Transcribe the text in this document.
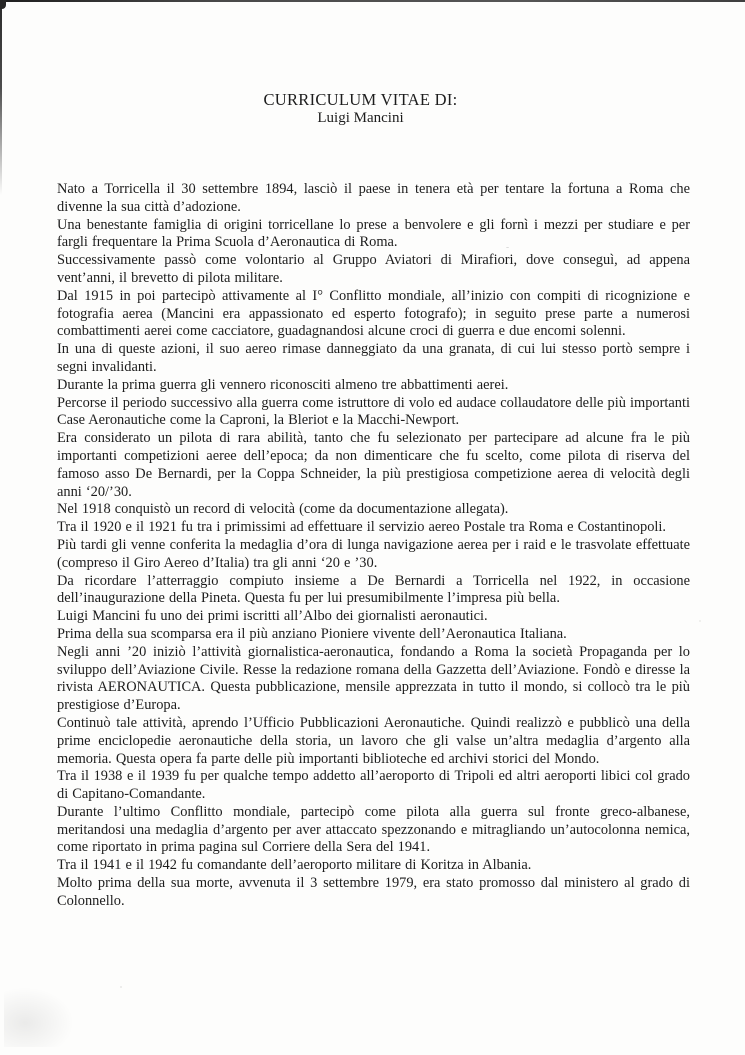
CURRICULUM VITAE DI:
Luigi Mancini

Nato a Torricella il 30 settembre 1894, lasciò il paese in tenera età per tentare la fortuna a Roma che divenne la sua città d’adozione.

Una benestante famiglia di origini torricellane lo prese a benvolere e gli fornì i mezzi per studiare e per fargli frequentare la Prima Scuola d’Aeronautica di Roma.

Successivamente passò come volontario al Gruppo Aviatori di Mirafiori, dove conseguì, ad appena vent’anni, il brevetto di pilota militare.

Dal 1915 in poi partecipò attivamente al I° Conflitto mondiale, all’inizio con compiti di ricognizione e fotografia aerea (Mancini era appassionato ed esperto fotografo); in seguito prese parte a numerosi combattimenti aerei come cacciatore, guadagnandosi alcune croci di guerra e due encomi solenni.

In una di queste azioni, il suo aereo rimase danneggiato da una granata, di cui lui stesso portò sempre i segni invalidanti.

Durante la prima guerra gli vennero riconosciti almeno tre abbattimenti aerei.

Percorse il periodo successivo alla guerra come istruttore di volo ed audace collaudatore delle più importanti Case Aeronautiche come la Caproni, la Bleriot e la Macchi-Newport.

Era considerato un pilota di rara abilità, tanto che fu selezionato per partecipare ad alcune fra le più importanti competizioni aeree dell’epoca; da non dimenticare che fu scelto, come pilota di riserva del famoso asso De Bernardi, per la Coppa Schneider, la più prestigiosa competizione aerea di velocità degli anni ‘20/’30.

Nel 1918 conquistò un record di velocità (come da documentazione allegata).

Tra il 1920 e il 1921 fu tra i primissimi ad effettuare il servizio aereo Postale tra Roma e Costantinopoli.

Più tardi gli venne conferita la medaglia d’ora di lunga navigazione aerea per i raid e le trasvolate effettuate (compreso il Giro Aereo d’Italia) tra gli anni ‘20 e ’30.

Da ricordare l’atterraggio compiuto insieme a De Bernardi a Torricella nel 1922, in occasione dell’inaugurazione della Pineta. Questa fu per lui presumibilmente l’impresa più bella.

Luigi Mancini fu uno dei primi iscritti all’Albo dei giornalisti aeronautici.

Prima della sua scomparsa era il più anziano Pioniere vivente dell’Aeronautica Italiana.

Negli anni ’20 iniziò l’attività giornalistica-aeronautica, fondando a Roma la società Propaganda per lo sviluppo dell’Aviazione Civile. Resse la redazione romana della Gazzetta dell’Aviazione. Fondò e diresse la rivista AERONAUTICA. Questa pubblicazione, mensile apprezzata in tutto il mondo, si collocò tra le più prestigiose d’Europa.

Continuò tale attività, aprendo l’Ufficio Pubblicazioni Aeronautiche. Quindi realizzò e pubblicò una della prime enciclopedie aeronautiche della storia, un lavoro che gli valse un’altra medaglia d’argento alla memoria. Questa opera fa parte delle più importanti biblioteche ed archivi storici del Mondo.

Tra il 1938 e il 1939 fu per qualche tempo addetto all’aeroporto di Tripoli ed altri aeroporti libici col grado di Capitano-Comandante.

Durante l’ultimo Conflitto mondiale, partecipò come pilota alla guerra sul fronte greco-albanese, meritandosi una medaglia d’argento per aver attaccato spezzonando e mitragliando un’autocolonna nemica, come riportato in prima pagina sul Corriere della Sera del 1941.

Tra il 1941 e il 1942 fu comandante dell’aeroporto militare di Koritza in Albania.

Molto prima della sua morte, avvenuta il 3 settembre 1979, era stato promosso dal ministero al grado di Colonnello.
